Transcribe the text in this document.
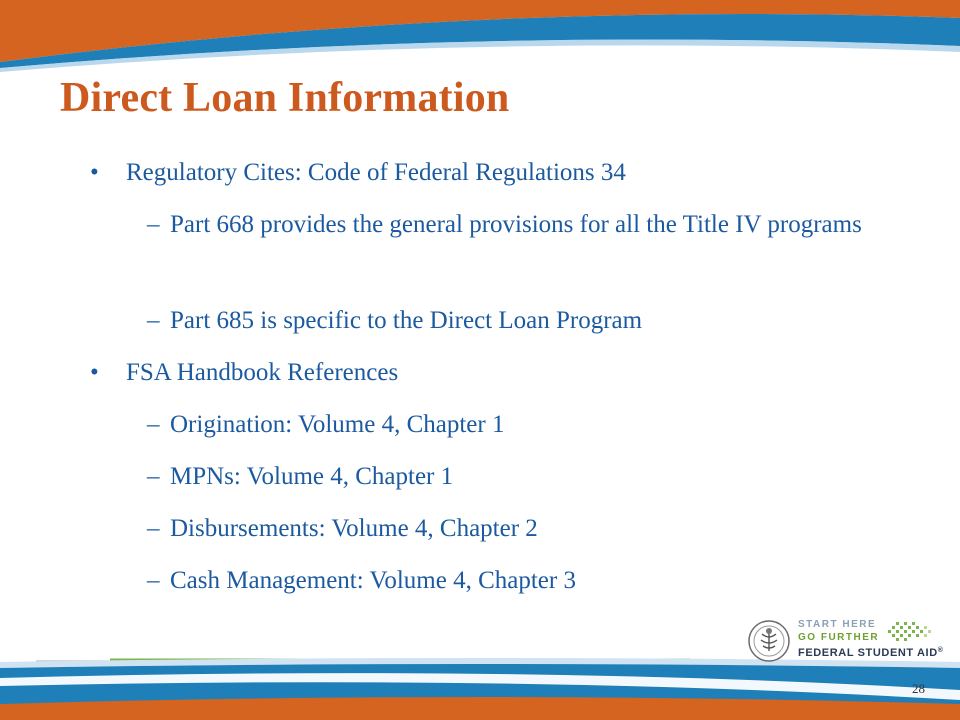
Direct Loan Information
• Regulatory Cites: Code of Federal Regulations 34
– Part 668 provides the general provisions for all the Title IV programs
– Part 685 is specific to the Direct Loan Program
• FSA Handbook References
– Origination: Volume 4, Chapter 1
– MPNs: Volume 4, Chapter 1
– Disbursements: Volume 4, Chapter 2
– Cash Management: Volume 4, Chapter 3
START HERE
GO FURTHER
FEDERAL STUDENT AID®
28
